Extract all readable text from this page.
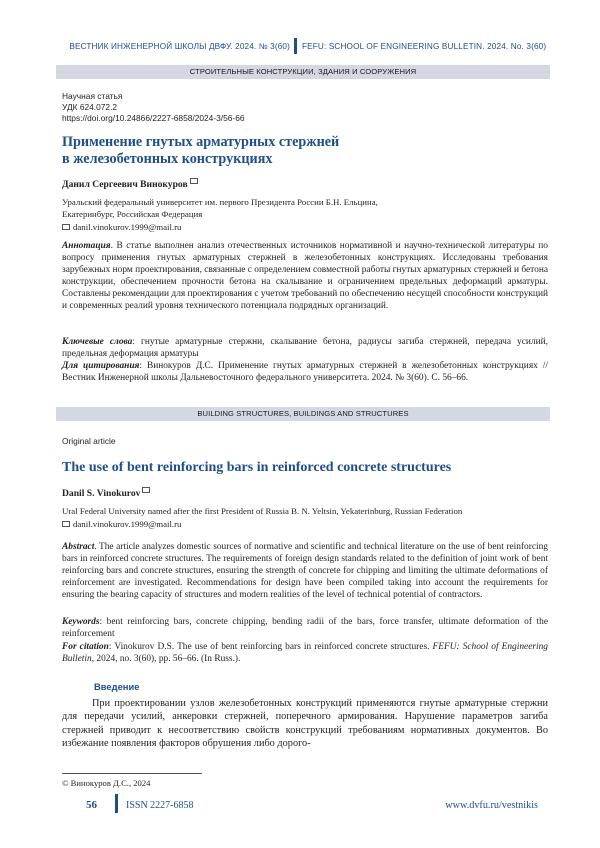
ВЕСТНИК ИНЖЕНЕРНОЙ ШКОЛЫ ДВФУ. 2024. № 3(60) FEFU: SCHOOL OF ENGINEERING BULLETIN. 2024. No. 3(60)
СТРОИТЕЛЬНЫЕ КОНСТРУКЦИИ, ЗДАНИЯ И СООРУЖЕНИЯ
Научная статья
УДК 624.072.2
https://doi.org/10.24866/2227-6858/2024-3/56-66
Применение гнутых арматурных стержней
в железобетонных конструкциях
Данил Сергеевич Винокуров
Уральский федеральный университет им. первого Президента России Б.Н. Ельцина,
Екатеринбург, Российская Федерация
danil.vinokurov.1999@mail.ru
Аннотация. В статье выполнен анализ отечественных источников нормативной и научно-технической литературы по вопросу применения гнутых арматурных стержней в железобетонных конструкциях. Исследованы требования зарубежных норм проектирования, связанные с определением совместной работы гнутых арматурных стержней и бетона конструкции, обеспечением прочности бетона на скалывание и ограничением предельных деформаций арматуры. Составлены рекомендации для проектирования с учетом требований по обеспечению несущей способности конструкций и современных реалий уровня технического потенциала подрядных организаций.
Ключевые слова: гнутые арматурные стержни, скалывание бетона, радиусы загиба стержней, передача усилий, предельная деформация арматуры
Для цитирования: Винокуров Д.С. Применение гнутых арматурных стержней в железобетонных конструкциях // Вестник Инженерной школы Дальневосточного федерального университета. 2024. № 3(60). С. 56–66.
BUILDING STRUCTURES, BUILDINGS AND STRUCTURES
Original article
The use of bent reinforcing bars in reinforced concrete structures
Danil S. Vinokurov
Ural Federal University named after the first President of Russia B. N. Yeltsin, Yekaterinburg, Russian Federation
danil.vinokurov.1999@mail.ru
Abstract. The article analyzes domestic sources of normative and scientific and technical literature on the use of bent reinforcing bars in reinforced concrete structures. The requirements of foreign design standards related to the definition of joint work of bent reinforcing bars and concrete structures, ensuring the strength of concrete for chipping and limiting the ultimate deformations of reinforcement are investigated. Recommendations for design have been compiled taking into account the requirements for ensuring the bearing capacity of structures and modern realities of the level of technical potential of contractors.
Keywords: bent reinforcing bars, concrete chipping, bending radii of the bars, force transfer, ultimate deformation of the reinforcement
For citation: Vinokurov D.S. The use of bent reinforcing bars in reinforced concrete structures. FEFU: School of Engineering Bulletin, 2024, no. 3(60), pp. 56–66. (In Russ.).
Введение
При проектировании узлов железобетонных конструкций применяются гнутые арматурные стержни для передачи усилий, анкеровки стержней, поперечного армирования. Нарушение параметров загиба стержней приводит к несоответствию свойств конструкций требованиям нормативных документов. Во избежание появления факторов обрушения либо дорого-
© Винокуров Д.С., 2024
56	ISSN 2227-6858	www.dvfu.ru/vestnikis
